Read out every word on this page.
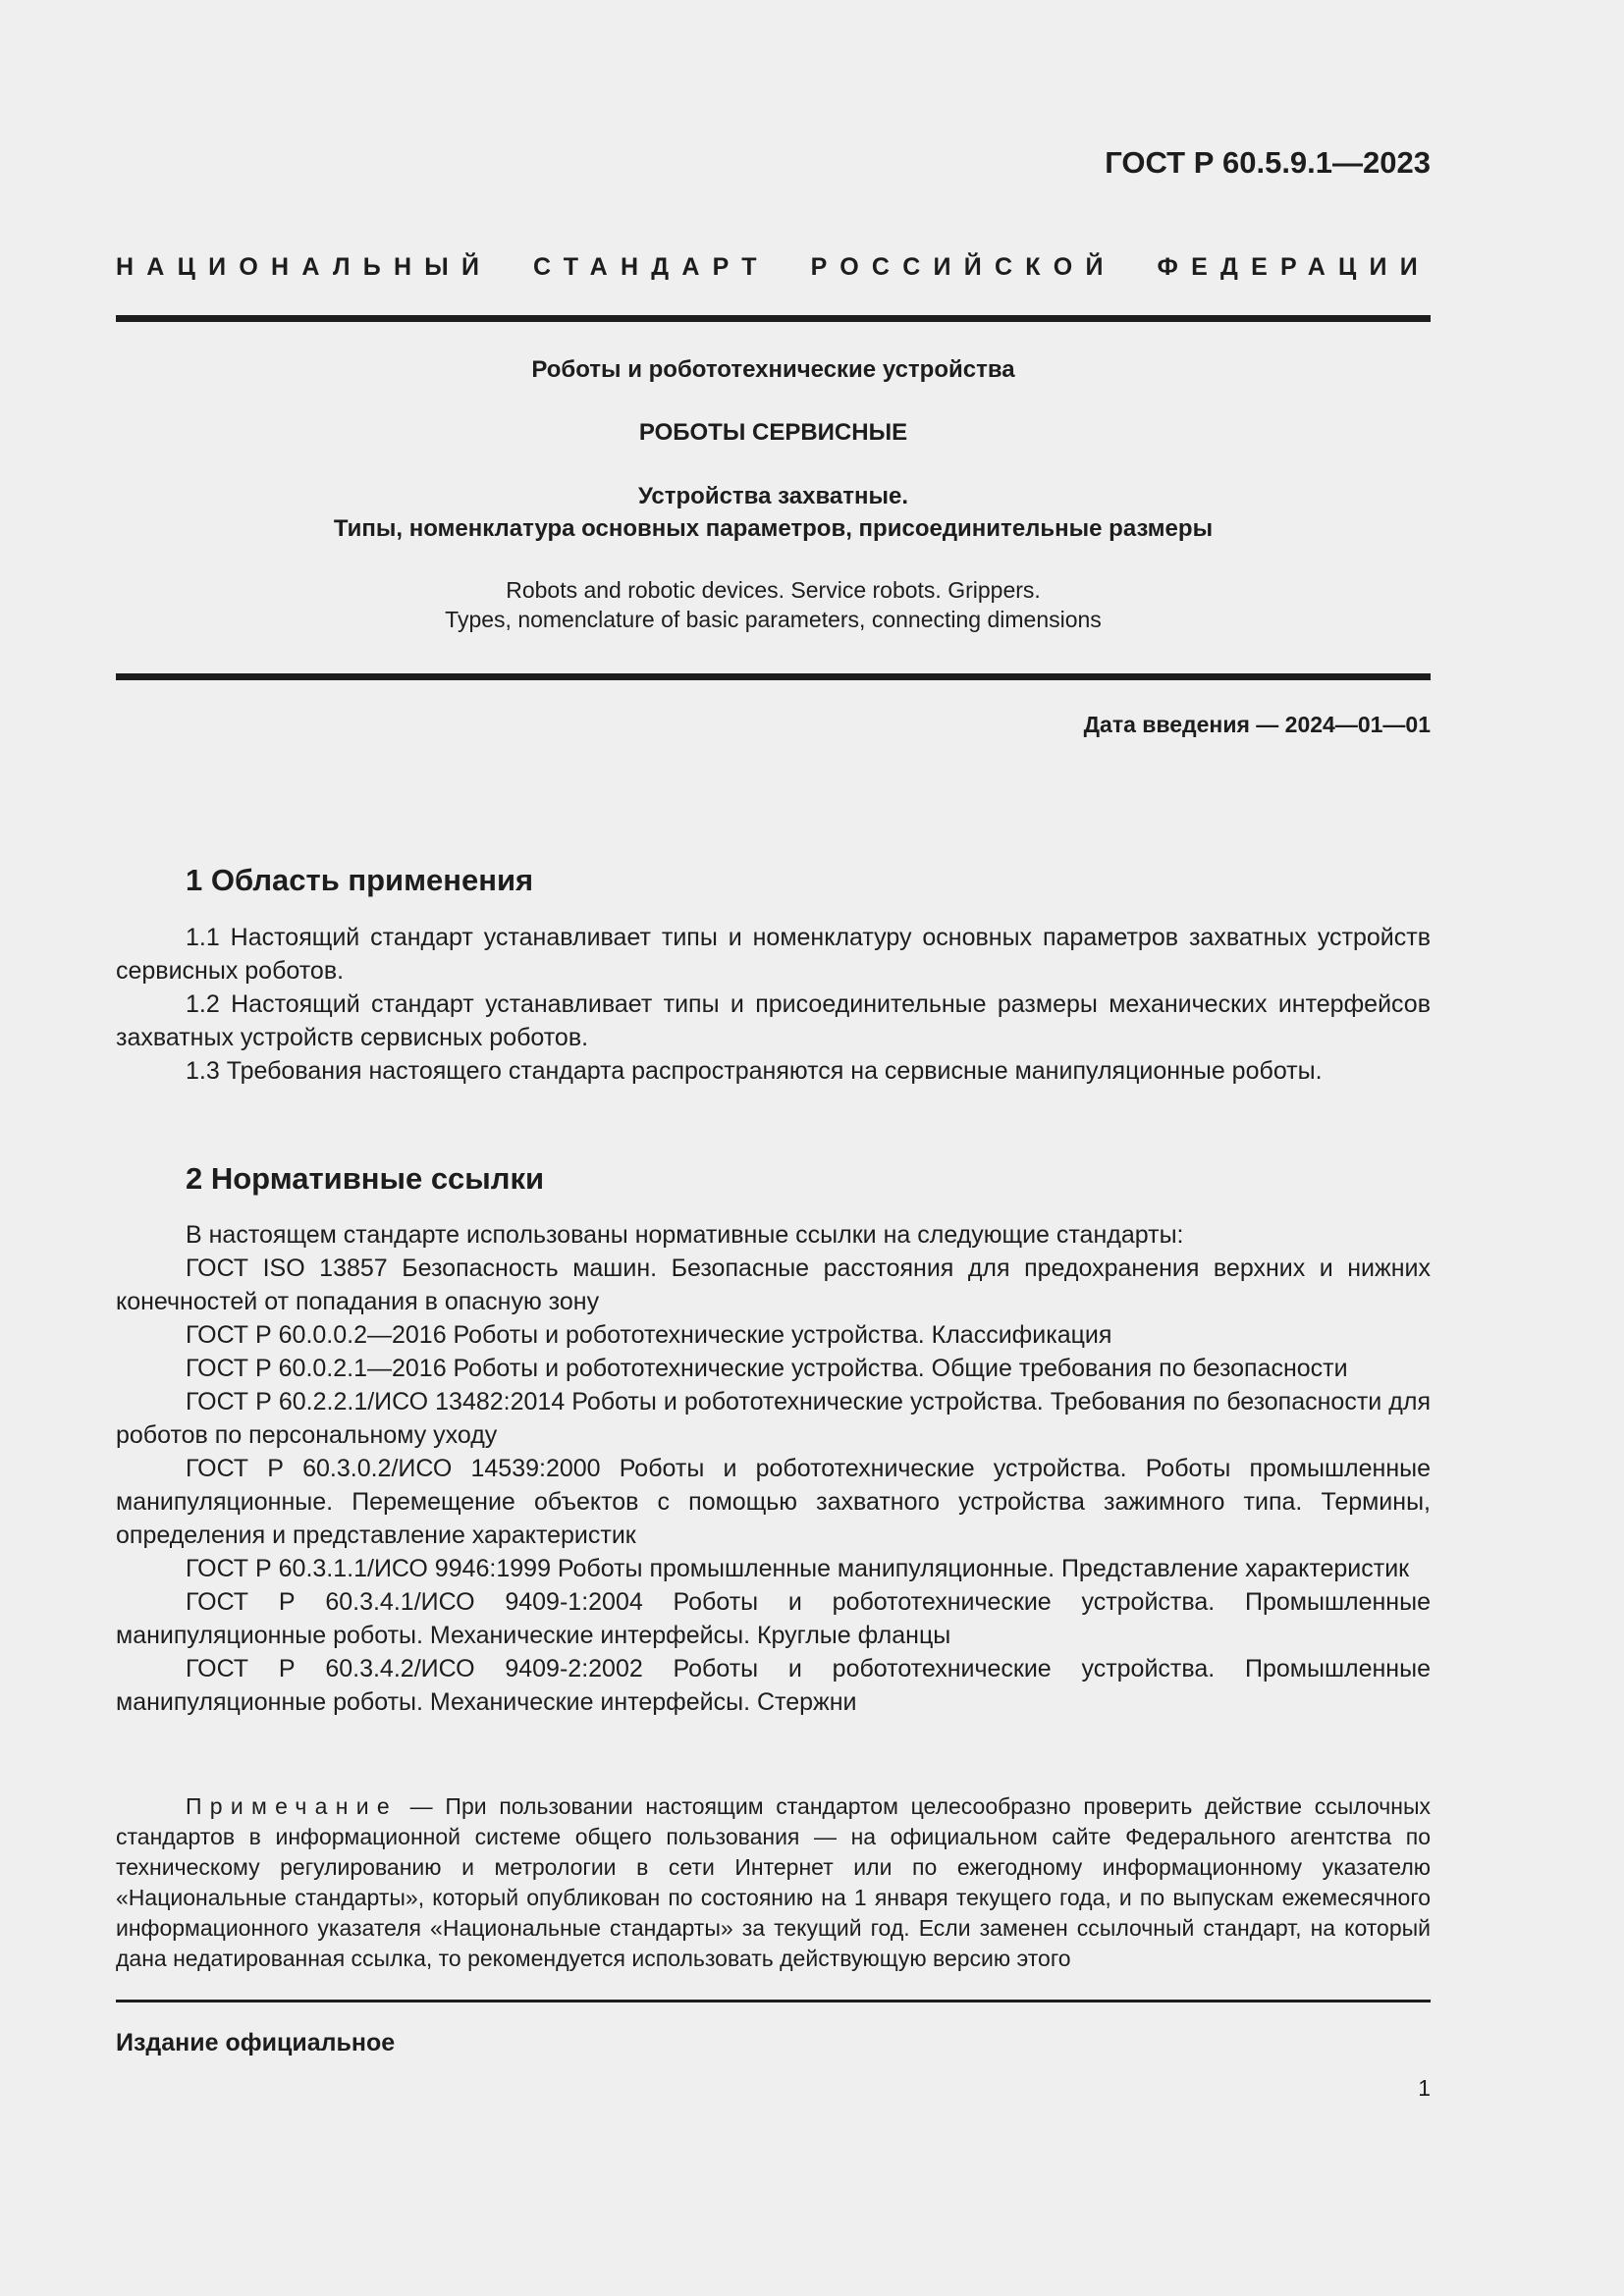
ГОСТ Р 60.5.9.1—2023
НАЦИОНАЛЬНЫЙ СТАНДАРТ РОССИЙСКОЙ ФЕДЕРАЦИИ
Роботы и робототехнические устройства
РОБОТЫ СЕРВИСНЫЕ
Устройства захватные.
Типы, номенклатура основных параметров, присоединительные размеры
Robots and robotic devices. Service robots. Grippers.
Types, nomenclature of basic parameters, connecting dimensions
Дата введения — 2024—01—01
1 Область применения

1.1 Настоящий стандарт устанавливает типы и номенклатуру основных параметров захватных устройств сервисных роботов.

1.2 Настоящий стандарт устанавливает типы и присоединительные размеры механических интерфейсов захватных устройств сервисных роботов.

1.3 Требования настоящего стандарта распространяются на сервисные манипуляционные роботы.

2 Нормативные ссылки

В настоящем стандарте использованы нормативные ссылки на следующие стандарты:

ГОСТ ISO 13857 Безопасность машин. Безопасные расстояния для предохранения верхних и нижних конечностей от попадания в опасную зону

ГОСТ Р 60.0.0.2—2016 Роботы и робототехнические устройства. Классификация

ГОСТ Р 60.0.2.1—2016 Роботы и робототехнические устройства. Общие требования по безопасности

ГОСТ Р 60.2.2.1/ИСО 13482:2014 Роботы и робототехнические устройства. Требования по безопасности для роботов по персональному уходу

ГОСТ Р 60.3.0.2/ИСО 14539:2000 Роботы и робототехнические устройства. Роботы промышленные манипуляционные. Перемещение объектов с помощью захватного устройства зажимного типа. Термины, определения и представление характеристик

ГОСТ Р 60.3.1.1/ИСО 9946:1999 Роботы промышленные манипуляционные. Представление характеристик

ГОСТ Р 60.3.4.1/ИСО 9409-1:2004 Роботы и робототехнические устройства. Промышленные манипуляционные роботы. Механические интерфейсы. Круглые фланцы

ГОСТ Р 60.3.4.2/ИСО 9409-2:2002 Роботы и робототехнические устройства. Промышленные манипуляционные роботы. Механические интерфейсы. Стержни

Примечание — При пользовании настоящим стандартом целесообразно проверить действие ссылочных стандартов в информационной системе общего пользования — на официальном сайте Федерального агентства по техническому регулированию и метрологии в сети Интернет или по ежегодному информационному указателю «Национальные стандарты», который опубликован по состоянию на 1 января текущего года, и по выпускам ежемесячного информационного указателя «Национальные стандарты» за текущий год. Если заменен ссылочный стандарт, на который дана недатированная ссылка, то рекомендуется использовать действующую версию этого

Издание официальное
1
